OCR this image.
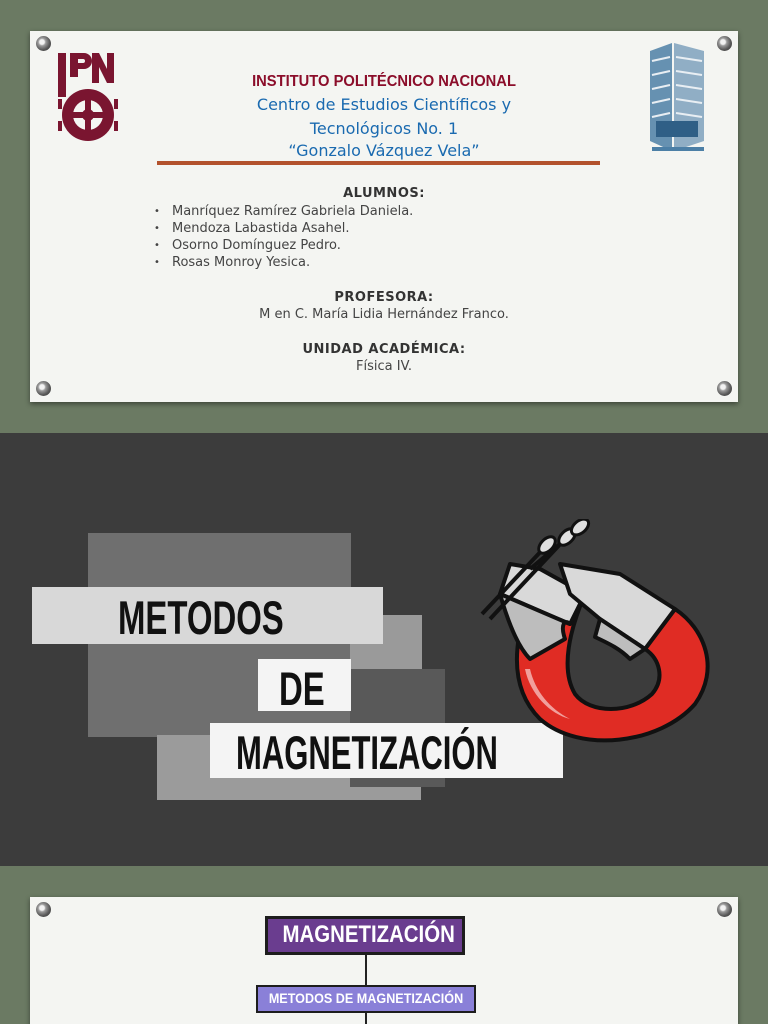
INSTITUTO POLITÉCNICO NACIONAL
Centro de Estudios Científicos y
Tecnológicos No. 1
“Gonzalo Vázquez Vela”
ALUMNOS:
• Manríquez Ramírez Gabriela Daniela.
• Mendoza Labastida Asahel.
• Osorno Domínguez Pedro.
• Rosas Monroy Yesica.
PROFESORA:
M en C. María Lidia Hernández Franco.
UNIDAD ACADÉMICA:
Física IV.
METODOS
DE
MAGNETIZACIÓN
MAGNETIZACIÓN
METODOS DE MAGNETIZACIÓN
